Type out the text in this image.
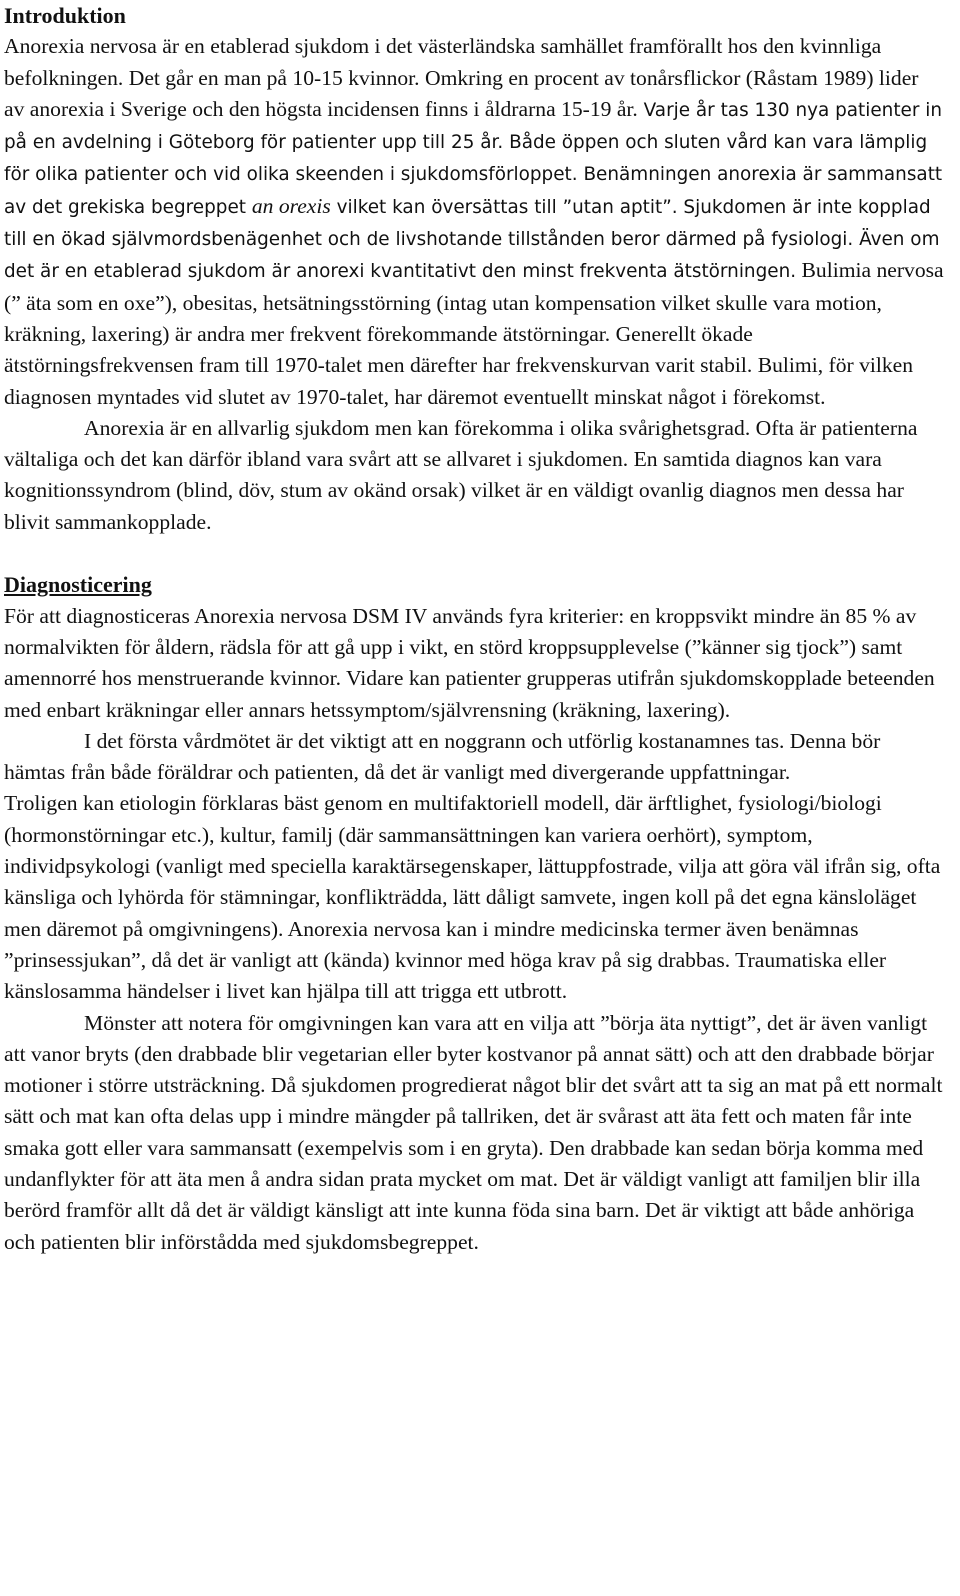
Introduktion

Anorexia nervosa är en etablerad sjukdom i det västerländska samhället framförallt hos den kvinnliga befolkningen. Det går en man på 10-15 kvinnor. Omkring en procent av tonårsflickor (Råstam 1989) lider av anorexia i Sverige och den högsta incidensen finns i åldrarna 15-19 år. Varje år tas 130 nya patienter in på en avdelning i Göteborg för patienter upp till 25 år. Både öppen och sluten vård kan vara lämplig för olika patienter och vid olika skeenden i sjukdomsförloppet. Benämningen anorexia är sammansatt av det grekiska begreppet an orexis vilket kan översättas till ”utan aptit”. Sjukdomen är inte kopplad till en ökad självmordsbenägenhet och de livshotande tillstånden beror därmed på fysiologi. Även om det är en etablerad sjukdom är anorexi kvantitativt den minst frekventa ätstörningen. Bulimia nervosa (” äta som en oxe”), obesitas, hetsätningsstörning (intag utan kompensation vilket skulle vara motion, kräkning, laxering) är andra mer frekvent förekommande ätstörningar. Generellt ökade ätstörningsfrekvensen fram till 1970-talet men därefter har frekvenskurvan varit stabil. Bulimi, för vilken diagnosen myntades vid slutet av 1970-talet, har däremot eventuellt minskat något i förekomst.

Anorexia är en allvarlig sjukdom men kan förekomma i olika svårighetsgrad. Ofta är patienterna vältaliga och det kan därför ibland vara svårt att se allvaret i sjukdomen. En samtida diagnos kan vara kognitionssyndrom (blind, döv, stum av okänd orsak) vilket är en väldigt ovanlig diagnos men dessa har blivit sammankopplade.

Diagnosticering

För att diagnosticeras Anorexia nervosa DSM IV används fyra kriterier: en kroppsvikt mindre än 85 % av normalvikten för åldern, rädsla för att gå upp i vikt, en störd kroppsupplevelse (”känner sig tjock”) samt amennorré hos menstruerande kvinnor. Vidare kan patienter grupperas utifrån sjukdomskopplade beteenden med enbart kräkningar eller annars hetssymptom/självrensning (kräkning, laxering).

I det första vårdmötet är det viktigt att en noggrann och utförlig kostanamnes tas. Denna bör hämtas från både föräldrar och patienten, då det är vanligt med divergerande uppfattningar.

Troligen kan etiologin förklaras bäst genom en multifaktoriell modell, där ärftlighet, fysiologi/biologi (hormonstörningar etc.), kultur, familj (där sammansättningen kan variera oerhört), symptom, individpsykologi (vanligt med speciella karaktärsegenskaper, lättuppfostrade, vilja att göra väl ifrån sig, ofta känsliga och lyhörda för stämningar, konflikträdda, lätt dåligt samvete, ingen koll på det egna känsloläget men däremot på omgivningens). Anorexia nervosa kan i mindre medicinska termer även benämnas ”prinsessjukan”, då det är vanligt att (kända) kvinnor med höga krav på sig drabbas. Traumatiska eller känslosamma händelser i livet kan hjälpa till att trigga ett utbrott.

Mönster att notera för omgivningen kan vara att en vilja att ”börja äta nyttigt”, det är även vanligt att vanor bryts (den drabbade blir vegetarian eller byter kostvanor på annat sätt) och att den drabbade börjar motioner i större utsträckning. Då sjukdomen progredierat något blir det svårt att ta sig an mat på ett normalt sätt och mat kan ofta delas upp i mindre mängder på tallriken, det är svårast att äta fett och maten får inte smaka gott eller vara sammansatt (exempelvis som i en gryta). Den drabbade kan sedan börja komma med undanflykter för att äta men å andra sidan prata mycket om mat. Det är väldigt vanligt att familjen blir illa berörd framför allt då det är väldigt känsligt att inte kunna föda sina barn. Det är viktigt att både anhöriga och patienten blir införstådda med sjukdomsbegreppet.
